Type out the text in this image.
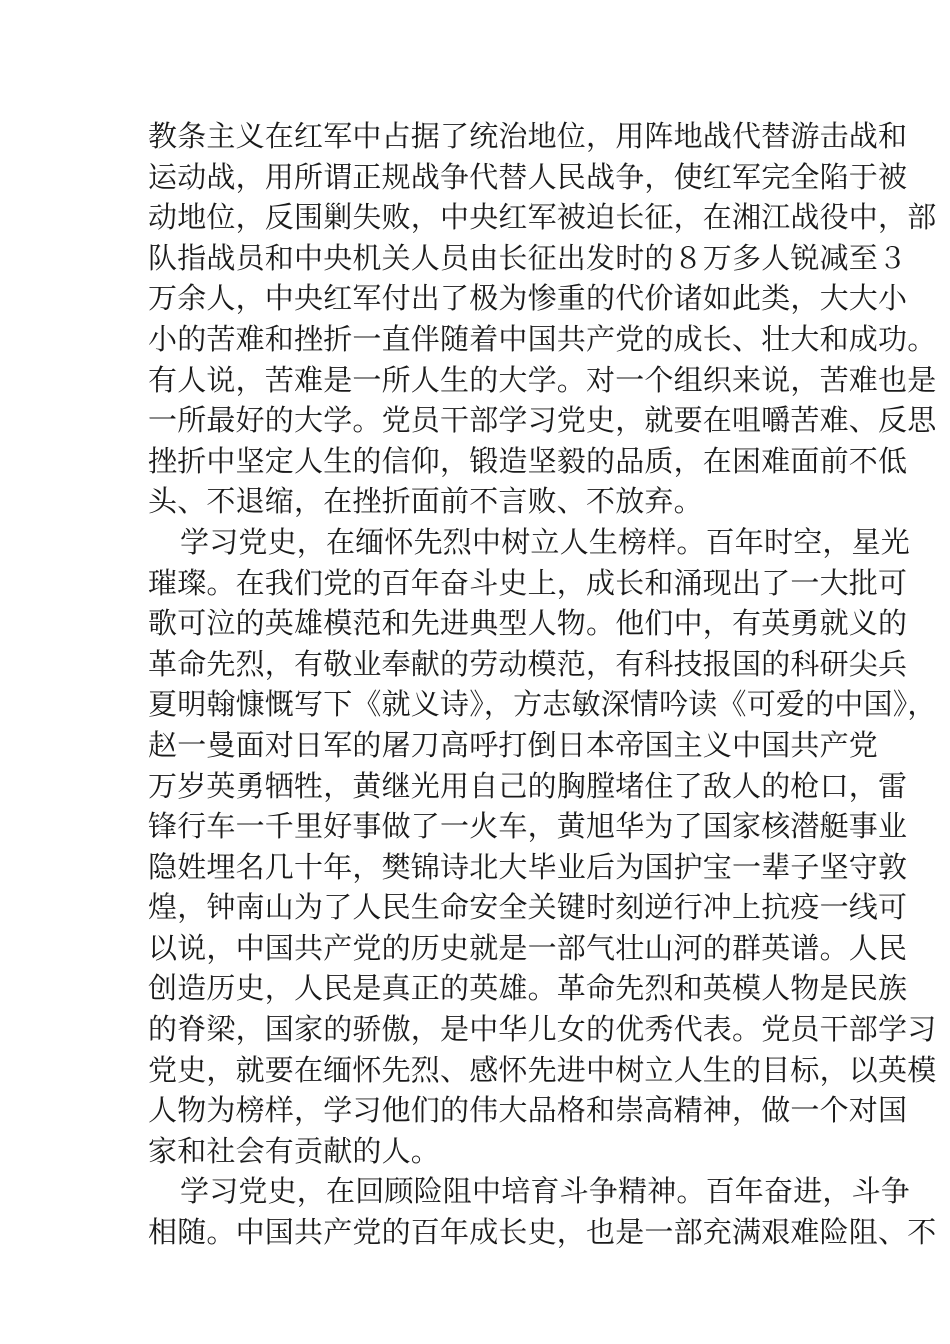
教条主义在红军中占据了统治地位，用阵地战代替游击战和
运动战，用所谓正规战争代替人民战争，使红军完全陷于被
动地位，反围剿失败，中央红军被迫长征，在湘江战役中，部
队指战员和中央机关人员由长征出发时的８万多人锐减至３
万余人，中央红军付出了极为惨重的代价诸如此类，大大小
小的苦难和挫折一直伴随着中国共产党的成长、壮大和成功。
有人说，苦难是一所人生的大学。对一个组织来说，苦难也是
一所最好的大学。党员干部学习党史，就要在咀嚼苦难、反思
挫折中坚定人生的信仰，锻造坚毅的品质，在困难面前不低
头、不退缩，在挫折面前不言败、不放弃。
学习党史，在缅怀先烈中树立人生榜样。百年时空，星光
璀璨。在我们党的百年奋斗史上，成长和涌现出了一大批可
歌可泣的英雄模范和先进典型人物。他们中，有英勇就义的
革命先烈，有敬业奉献的劳动模范，有科技报国的科研尖兵
夏明翰慷慨写下《就义诗》，方志敏深情吟读《可爱的中国》，
赵一曼面对日军的屠刀高呼打倒日本帝国主义中国共产党
万岁英勇牺牲，黄继光用自己的胸膛堵住了敌人的枪口，雷
锋行车一千里好事做了一火车，黄旭华为了国家核潜艇事业
隐姓埋名几十年，樊锦诗北大毕业后为国护宝一辈子坚守敦
煌，钟南山为了人民生命安全关键时刻逆行冲上抗疫一线可
以说，中国共产党的历史就是一部气壮山河的群英谱。人民
创造历史，人民是真正的英雄。革命先烈和英模人物是民族
的脊梁，国家的骄傲，是中华儿女的优秀代表。党员干部学习
党史，就要在缅怀先烈、感怀先进中树立人生的目标，以英模
人物为榜样，学习他们的伟大品格和崇高精神，做一个对国
家和社会有贡献的人。
学习党史，在回顾险阻中培育斗争精神。百年奋进，斗争
相随。中国共产党的百年成长史，也是一部充满艰难险阻、不
